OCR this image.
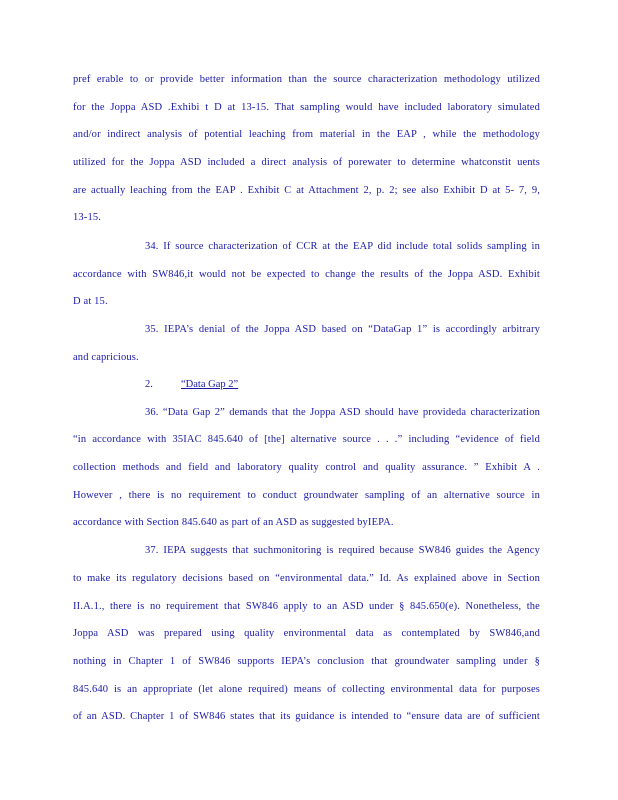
pref erable to or provide better information than the source characterization methodology utilized
for the Joppa ASD .Exhibi t D at 13-15. That sampling would have included laboratory simulated
and/or indirect analysis of potential leaching from material in the EAP , while the methodology
utilized for the Joppa ASD included a direct analysis of porewater to determine whatconstit uents
are actually leaching from the EAP . Exhibit C at Attachment 2, p. 2; see also Exhibit D at 5- 7, 9,
13-15.
34. If source characterization of CCR at the EAP did include total solids sampling in
accordance with SW846,it would not be expected to change the results of the Joppa ASD. Exhibit
D at 15.
35. IEPA’s denial of the Joppa ASD based on “DataGap 1” is accordingly arbitrary
and capricious.
2.	“Data Gap 2”
36. “Data Gap 2” demands that the Joppa ASD should have provideda characterization
“in accordance with 35IAC 845.640 of [the] alternative source . . .” including “evidence of field
collection methods and field and laboratory quality control and quality assurance. ” Exhibit A .
However , there is no requirement to conduct groundwater sampling of an alternative source in
accordance with Section 845.640 as part of an ASD as suggested byIEPA.
37. IEPA suggests that suchmonitoring is required because SW846 guides the Agency
to make its regulatory decisions based on “environmental data.” Id. As explained above in Section
II.A.1., there is no requirement that SW846 apply to an ASD under § 845.650(e). Nonetheless, the
Joppa ASD was prepared using quality environmental data as contemplated by SW846,and
nothing in Chapter 1 of SW846 supports IEPA’s conclusion that groundwater sampling under §
845.640 is an appropriate (let alone required) means of collecting environmental data for purposes
of an ASD. Chapter 1 of SW846 states that its guidance is intended to “ensure data are of sufficient
